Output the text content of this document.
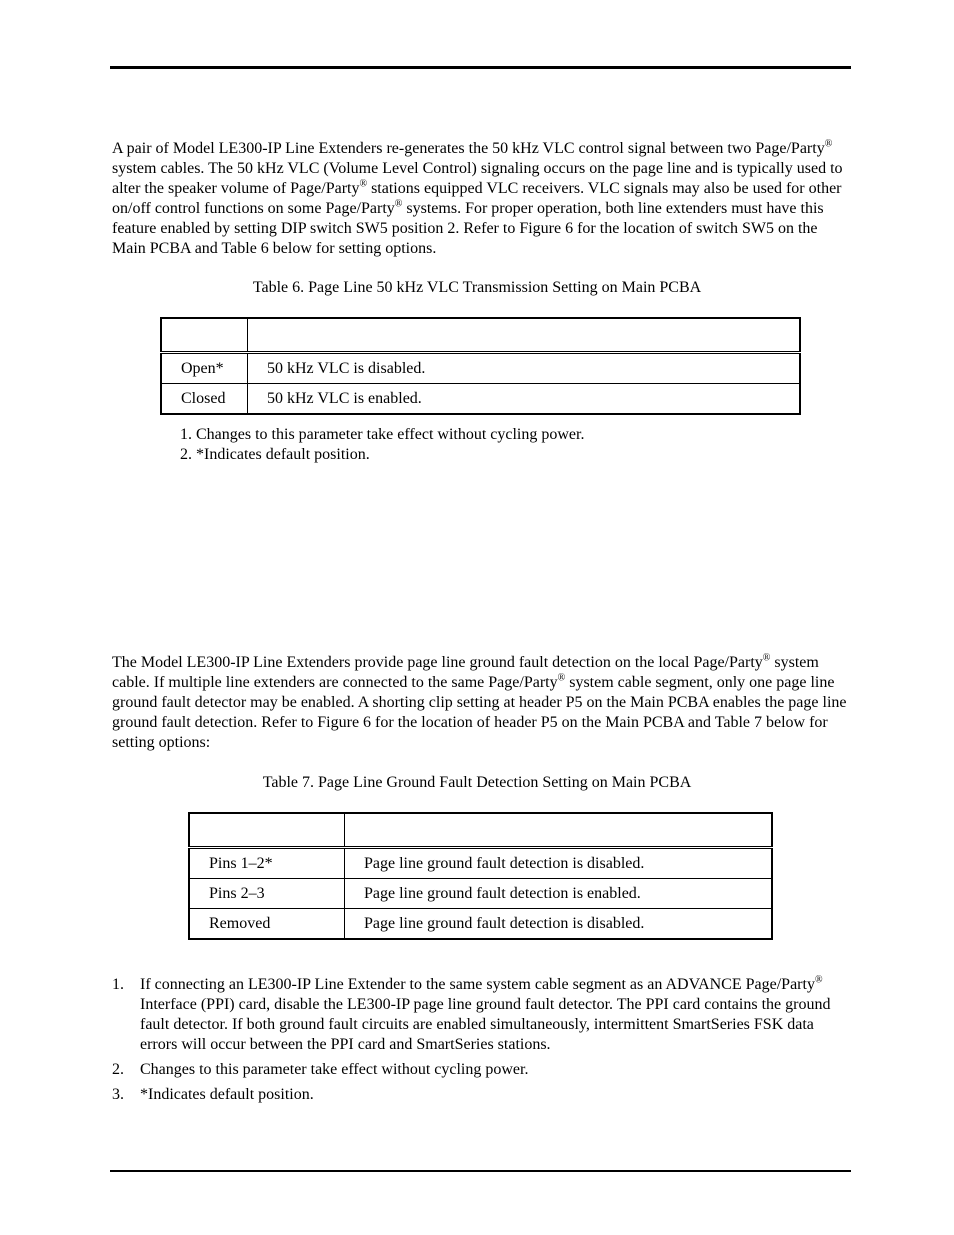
A pair of Model LE300-IP Line Extenders re-generates the 50 kHz VLC control signal between two Page/Party® system cables. The 50 kHz VLC (Volume Level Control) signaling occurs on the page line and is typically used to alter the speaker volume of Page/Party® stations equipped VLC receivers. VLC signals may also be used for other on/off control functions on some Page/Party® systems. For proper operation, both line extenders must have this feature enabled by setting DIP switch SW5 position 2. Refer to Figure 6 for the location of switch SW5 on the Main PCBA and Table 6 below for setting options.

Table 6. Page Line 50 kHz VLC Transmission Setting on Main PCBA

Open*	50 kHz VLC is disabled.
Closed	50 kHz VLC is enabled.
1. Changes to this parameter take effect without cycling power.
2. *Indicates default position.

The Model LE300-IP Line Extenders provide page line ground fault detection on the local Page/Party® system cable. If multiple line extenders are connected to the same Page/Party® system cable segment, only one page line ground fault detector may be enabled. A shorting clip setting at header P5 on the Main PCBA enables the page line ground fault detection. Refer to Figure 6 for the location of header P5 on the Main PCBA and Table 7 below for setting options:

Table 7. Page Line Ground Fault Detection Setting on Main PCBA

Pins 1–2*	Page line ground fault detection is disabled.
Pins 2–3	Page line ground fault detection is enabled.
Removed	Page line ground fault detection is disabled.
1. If connecting an LE300-IP Line Extender to the same system cable segment as an ADVANCE Page/Party® Interface (PPI) card, disable the LE300-IP page line ground fault detector. The PPI card contains the ground fault detector. If both ground fault circuits are enabled simultaneously, intermittent SmartSeries FSK data errors will occur between the PPI card and SmartSeries stations.
2. Changes to this parameter take effect without cycling power.
3. *Indicates default position.
